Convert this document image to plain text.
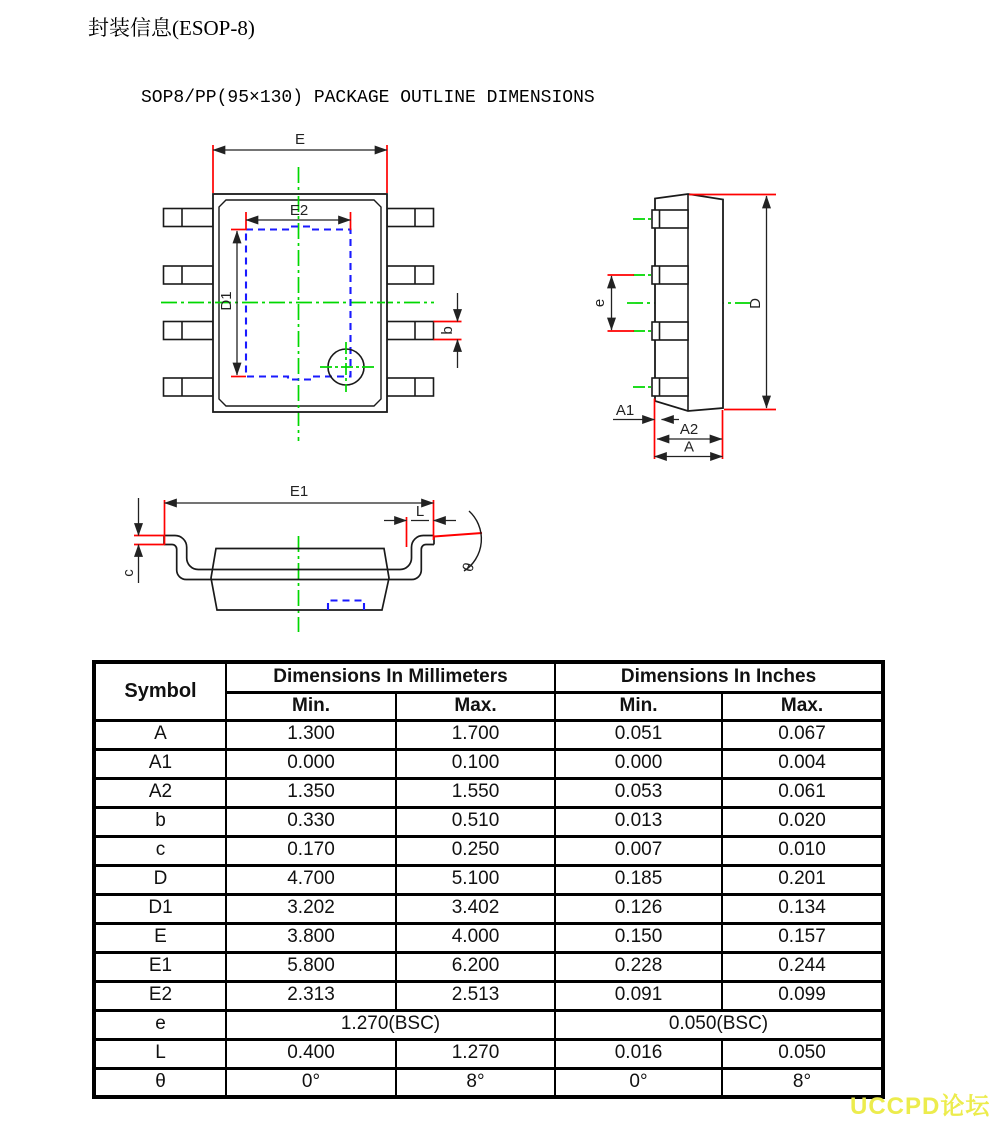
封装信息(ESOP-8)
SOP8/PP(95×130) PACKAGE OUTLINE DIMENSIONS
E
E2
D1
b
e	D
A1
A2
A
E1
L
c	θ
Symbol	Dimensions In Millimeters		Dimensions In Inches	
	Min.	Max.	Min.	Max.
A	1.300	1.700	0.051	0.067
A1	0.000	0.100	0.000	0.004
A2	1.350	1.550	0.053	0.061
b	0.330	0.510	0.013	0.020
c	0.170	0.250	0.007	0.010
D	4.700	5.100	0.185	0.201
D1	3.202	3.402	0.126	0.134
E	3.800	4.000	0.150	0.157
E1	5.800	6.200	0.228	0.244
E2	2.313	2.513	0.091	0.099
e	1.270(BSC)		0.050(BSC)	
L	0.400	1.270	0.016	0.050
θ	0°	8°	0°	8°
UCCPD论坛
